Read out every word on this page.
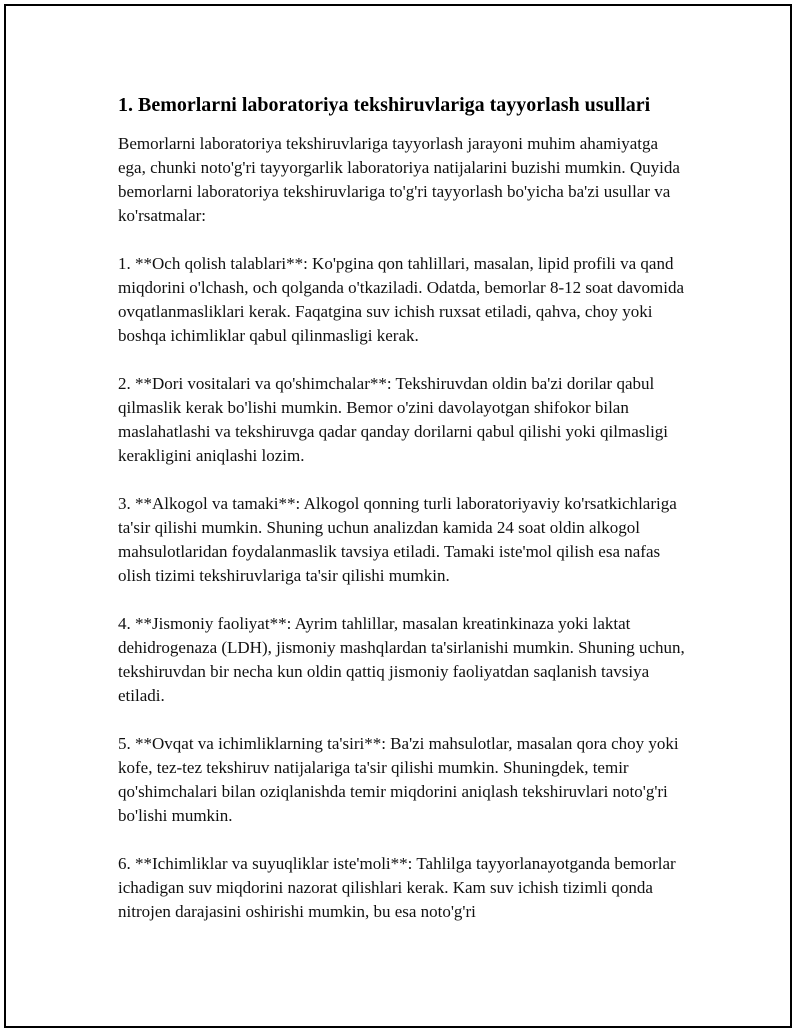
1. Bemorlarni laboratoriya tekshiruvlariga tayyorlash usullari

Bemorlarni laboratoriya tekshiruvlariga tayyorlash jarayoni muhim ahamiyatga ega, chunki noto'g'ri tayyorgarlik laboratoriya natijalarini buzishi mumkin. Quyida bemorlarni laboratoriya tekshiruvlariga to'g'ri tayyorlash bo'yicha ba'zi usullar va ko'rsatmalar:

1. **Och qolish talablari**: Ko'pgina qon tahlillari, masalan, lipid profili va qand miqdorini o'lchash, och qolganda o'tkaziladi. Odatda, bemorlar 8-12 soat davomida ovqatlanmasliklari kerak. Faqatgina suv ichish ruxsat etiladi, qahva, choy yoki boshqa ichimliklar qabul qilinmasligi kerak.

2. **Dori vositalari va qo'shimchalar**: Tekshiruvdan oldin ba'zi dorilar qabul qilmaslik kerak bo'lishi mumkin. Bemor o'zini davolayotgan shifokor bilan maslahatlashi va tekshiruvga qadar qanday dorilarni qabul qilishi yoki qilmasligi kerakligini aniqlashi lozim.

3. **Alkogol va tamaki**: Alkogol qonning turli laboratoriyaviy ko'rsatkichlariga ta'sir qilishi mumkin. Shuning uchun analizdan kamida 24 soat oldin alkogol mahsulotlaridan foydalanmaslik tavsiya etiladi. Tamaki iste'mol qilish esa nafas olish tizimi tekshiruvlariga ta'sir qilishi mumkin.

4. **Jismoniy faoliyat**: Ayrim tahlillar, masalan kreatinkinaza yoki laktat dehidrogenaza (LDH), jismoniy mashqlardan ta'sirlanishi mumkin. Shuning uchun, tekshiruvdan bir necha kun oldin qattiq jismoniy faoliyatdan saqlanish tavsiya etiladi.

5. **Ovqat va ichimliklarning ta'siri**: Ba'zi mahsulotlar, masalan qora choy yoki kofe, tez-tez tekshiruv natijalariga ta'sir qilishi mumkin. Shuningdek, temir qo'shimchalari bilan oziqlanishda temir miqdorini aniqlash tekshiruvlari noto'g'ri bo'lishi mumkin.

6. **Ichimliklar va suyuqliklar iste'moli**: Tahlilga tayyorlanayotganda bemorlar ichadigan suv miqdorini nazorat qilishlari kerak. Kam suv ichish tizimli qonda nitrojen darajasini oshirishi mumkin, bu esa noto'g'ri
